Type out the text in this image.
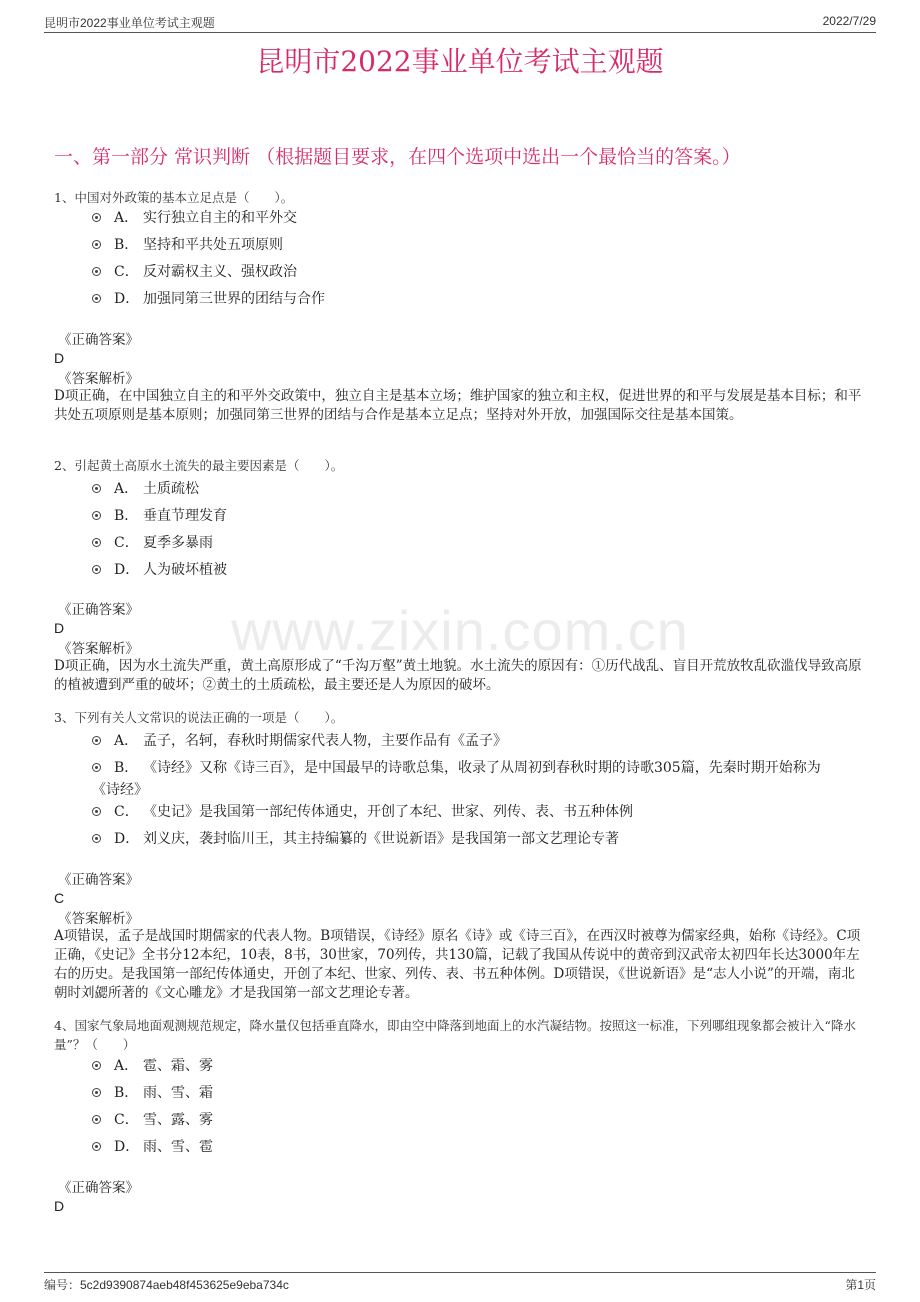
昆明市2022事业单位考试主观题	2022/7/29
www.zixin.com.cn
昆明市2022事业单位考试主观题
一、第一部分 常识判断 （根据题目要求，在四个选项中选出一个最恰当的答案。）
1、中国对外政策的基本立足点是（　　）。
A． 实行独立自主的和平外交
B． 坚持和平共处五项原则
C． 反对霸权主义、强权政治
D． 加强同第三世界的团结与合作
《正确答案》
D
《答案解析》
D项正确，在中国独立自主的和平外交政策中，独立自主是基本立场；维护国家的独立和主权，促进世界的和平与发展是基本目标；和平共处五项原则是基本原则；加强同第三世界的团结与合作是基本立足点；坚持对外开放，加强国际交往是基本国策。
2、引起黄土高原水土流失的最主要因素是（　　）。
A． 土质疏松
B． 垂直节理发育
C． 夏季多暴雨
D． 人为破坏植被
《正确答案》
D
《答案解析》
D项正确，因为水土流失严重，黄土高原形成了“千沟万壑”黄土地貌。水土流失的原因有：①历代战乱、盲目开荒放牧乱砍滥伐导致高原的植被遭到严重的破坏；②黄土的土质疏松，最主要还是人为原因的破坏。
3、下列有关人文常识的说法正确的一项是（　　）。
A． 孟子，名轲，春秋时期儒家代表人物，主要作品有《孟子》
B． 《诗经》又称《诗三百》，是中国最早的诗歌总集，收录了从周初到春秋时期的诗歌305篇，先秦时期开始称为《诗经》
C． 《史记》是我国第一部纪传体通史，开创了本纪、世家、列传、表、书五种体例
D． 刘义庆，袭封临川王，其主持编纂的《世说新语》是我国第一部文艺理论专著
《正确答案》
C
《答案解析》
A项错误，孟子是战国时期儒家的代表人物。B项错误，《诗经》原名《诗》或《诗三百》，在西汉时被尊为儒家经典，始称《诗经》。C项正确，《史记》全书分12本纪，10表，8书，30世家，70列传，共130篇，记载了我国从传说中的黄帝到汉武帝太初四年长达3000年左右的历史。是我国第一部纪传体通史，开创了本纪、世家、列传、表、书五种体例。D项错误，《世说新语》是“志人小说”的开端，南北朝时刘勰所著的《文心雕龙》才是我国第一部文艺理论专著。
4、国家气象局地面观测规范规定，降水量仅包括垂直降水，即由空中降落到地面上的水汽凝结物。按照这一标准，下列哪组现象都会被计入“降水量”？（　　）
A． 雹、霜、雾
B． 雨、雪、霜
C． 雪、露、雾
D． 雨、雪、雹
《正确答案》
D
编号：5c2d9390874aeb48f453625e9eba734c	第1页
